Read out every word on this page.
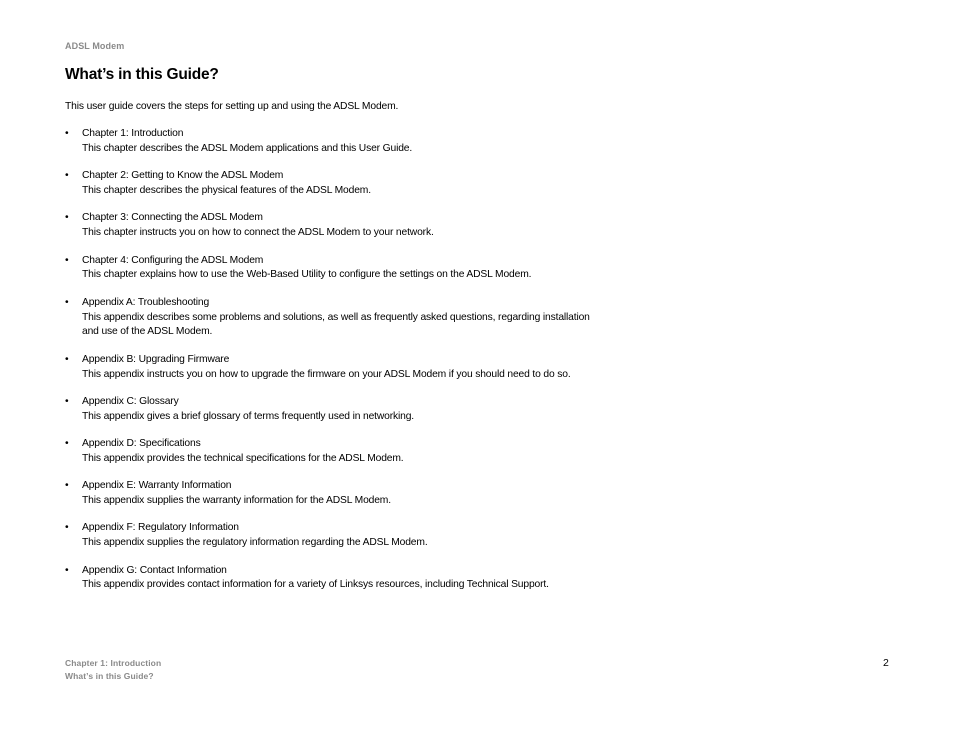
ADSL Modem
What’s in this Guide?

This user guide covers the steps for setting up and using the ADSL Modem.

• Chapter 1: Introduction
This chapter describes the ADSL Modem applications and this User Guide.
• Chapter 2: Getting to Know the ADSL Modem
This chapter describes the physical features of the ADSL Modem.
• Chapter 3: Connecting the ADSL Modem
This chapter instructs you on how to connect the ADSL Modem to your network.
• Chapter 4: Configuring the ADSL Modem
This chapter explains how to use the Web-Based Utility to configure the settings on the ADSL Modem.
• Appendix A: Troubleshooting
This appendix describes some problems and solutions, as well as frequently asked questions, regarding installation and use of the ADSL Modem.
• Appendix B: Upgrading Firmware
This appendix instructs you on how to upgrade the firmware on your ADSL Modem if you should need to do so.
• Appendix C: Glossary
This appendix gives a brief glossary of terms frequently used in networking.
• Appendix D: Specifications
This appendix provides the technical specifications for the ADSL Modem.
• Appendix E: Warranty Information
This appendix supplies the warranty information for the ADSL Modem.
• Appendix F: Regulatory Information
This appendix supplies the regulatory information regarding the ADSL Modem.
• Appendix G: Contact Information
This appendix provides contact information for a variety of Linksys resources, including Technical Support.
Chapter 1: Introduction
What’s in this Guide?
2
